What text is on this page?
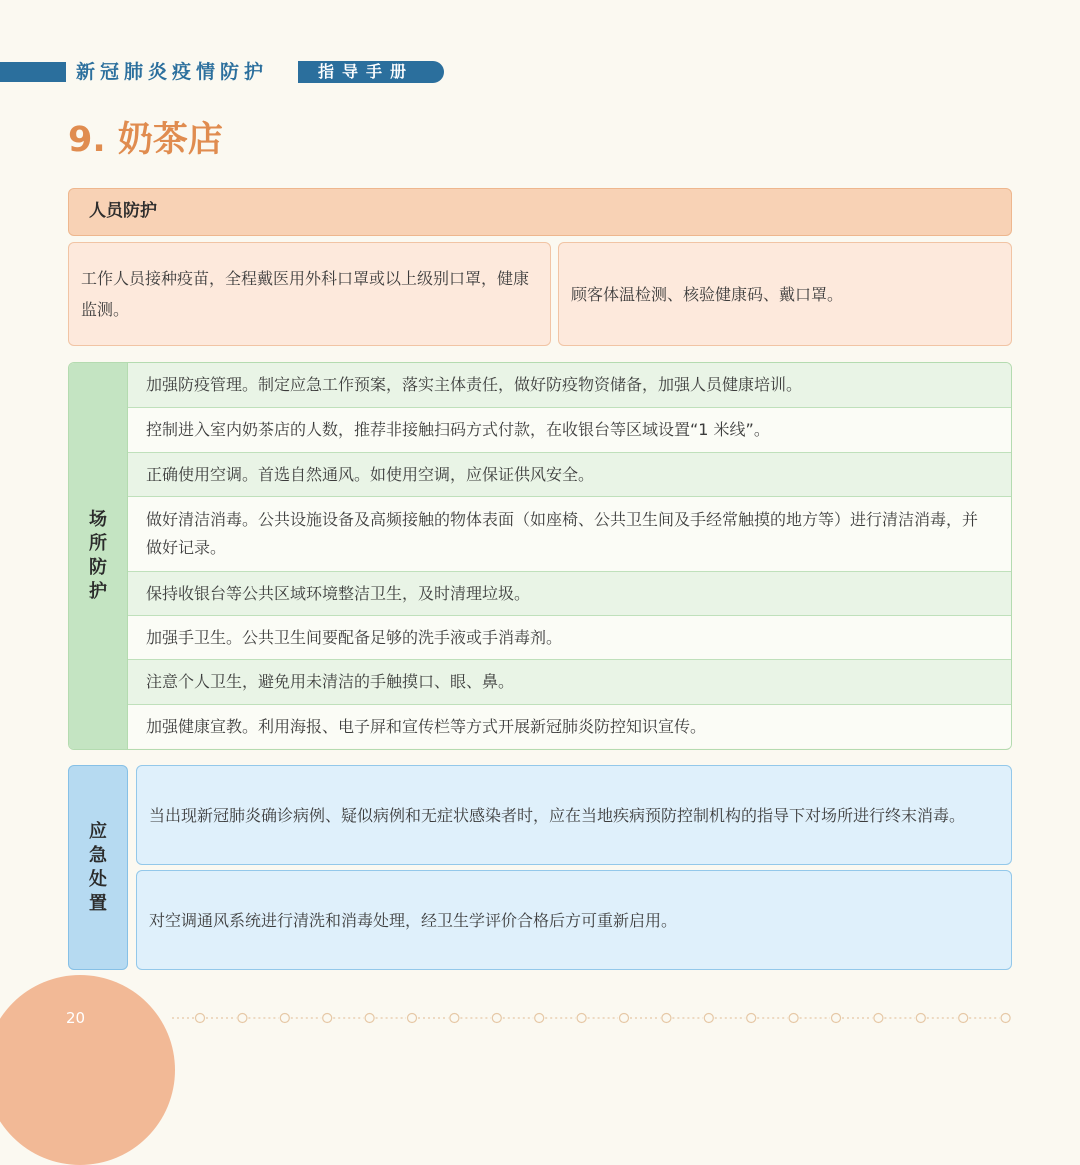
新冠肺炎疫情防护	指导手册
9. 奶茶店
人员防护
工作人员接种疫苗，全程戴医用外科口罩或以上级别口罩，健康监测。
顾客体温检测、核验健康码、戴口罩。
场
所
防
护
加强防疫管理。制定应急工作预案，落实主体责任，做好防疫物资储备，加强人员健康培训。
控制进入室内奶茶店的人数，推荐非接触扫码方式付款，在收银台等区域设置“1 米线”。
正确使用空调。首选自然通风。如使用空调，应保证供风安全。
做好清洁消毒。公共设施设备及高频接触的物体表面（如座椅、公共卫生间及手经常触摸的地方等）进行清洁消毒，并做好记录。
保持收银台等公共区域环境整洁卫生，及时清理垃圾。
加强手卫生。公共卫生间要配备足够的洗手液或手消毒剂。
注意个人卫生，避免用未清洁的手触摸口、眼、鼻。
加强健康宣教。利用海报、电子屏和宣传栏等方式开展新冠肺炎防控知识宣传。
应
急
处
置
当出现新冠肺炎确诊病例、疑似病例和无症状感染者时，应在当地疾病预防控制机构的指导下对场所进行终末消毒。
对空调通风系统进行清洗和消毒处理，经卫生学评价合格后方可重新启用。
20
